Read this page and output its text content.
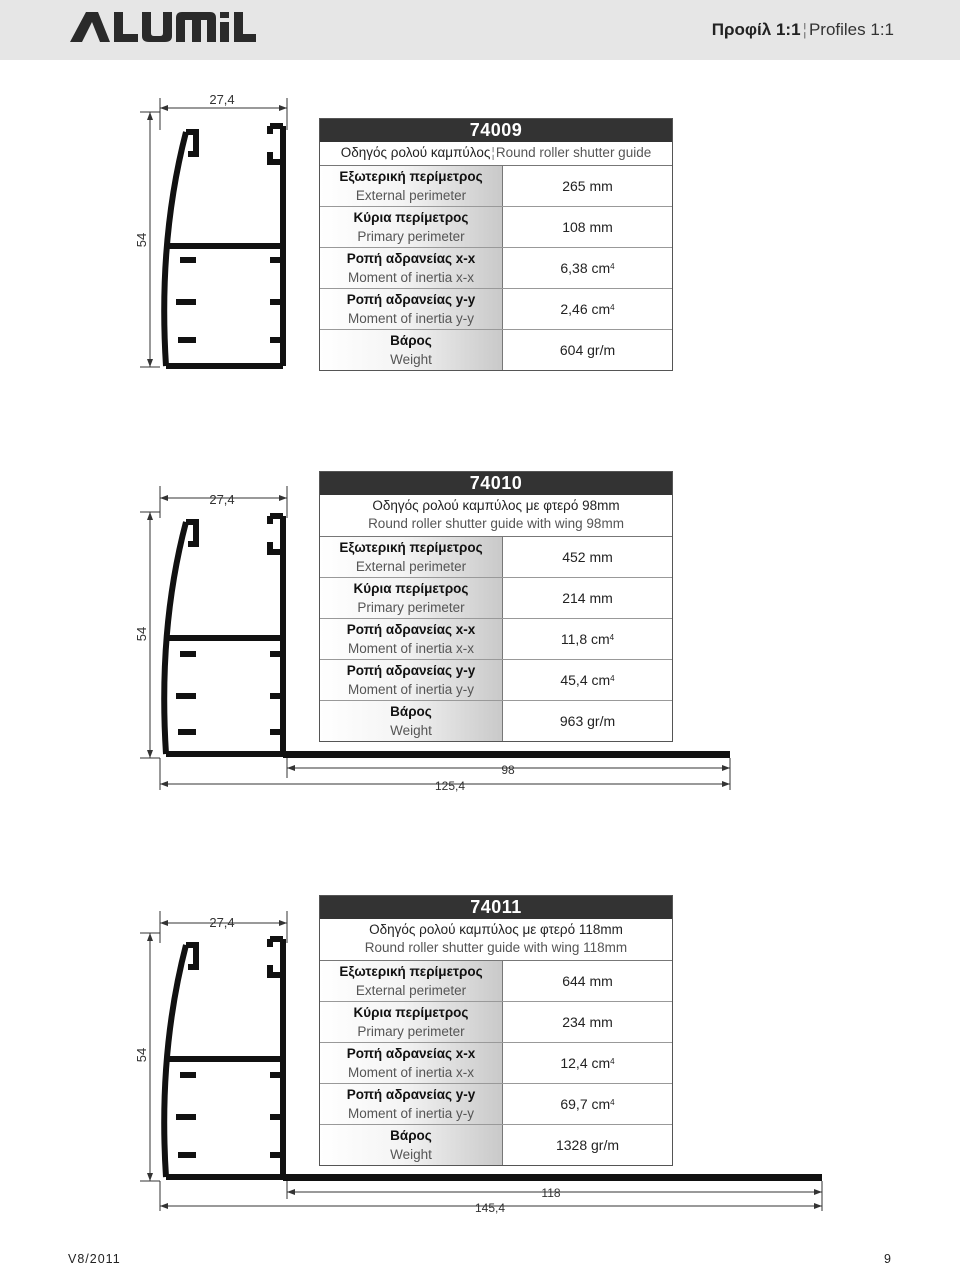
Προφίλ 1:1 ¦ Profiles 1:1
27,4
54
74009
Οδηγός ρολού καμπύλος¦Round roller shutter guide
Εξωτερική περίμετρος
External perimeter
265 mm
Κύρια περίμετρος
Primary perimeter
108 mm
Ροπή αδρανείας x-x
Moment of inertia x-x
6,38 $cm^4$
Ροπή αδρανείας y-y
Moment of inertia y-y
2,46 $cm^4$
Βάρος
Weight
604 gr/m
27,4
54
125,4
98
74010
Οδηγός ρολού καμπύλος με φτερό 98mm
Round roller shutter guide with wing 98mm
Εξωτερική περίμετρος
External perimeter
452 mm
Κύρια περίμετρος
Primary perimeter
214 mm
Ροπή αδρανείας x-x
Moment of inertia x-x
11,8 $cm^4$
Ροπή αδρανείας y-y
Moment of inertia y-y
45,4 $cm^4$
Βάρος
Weight
963 gr/m
27,4
54
145,4
118
74011
Οδηγός ρολού καμπύλος με φτερό 118mm
Round roller shutter guide with wing 118mm
Εξωτερική περίμετρος
External perimeter
644 mm
Κύρια περίμετρος
Primary perimeter
234 mm
Ροπή αδρανείας x-x
Moment of inertia x-x
12,4 $cm^4$
Ροπή αδρανείας y-y
Moment of inertia y-y
69,7 $cm^4$
Βάρος
Weight
1328 gr/m
V8/2011	9
